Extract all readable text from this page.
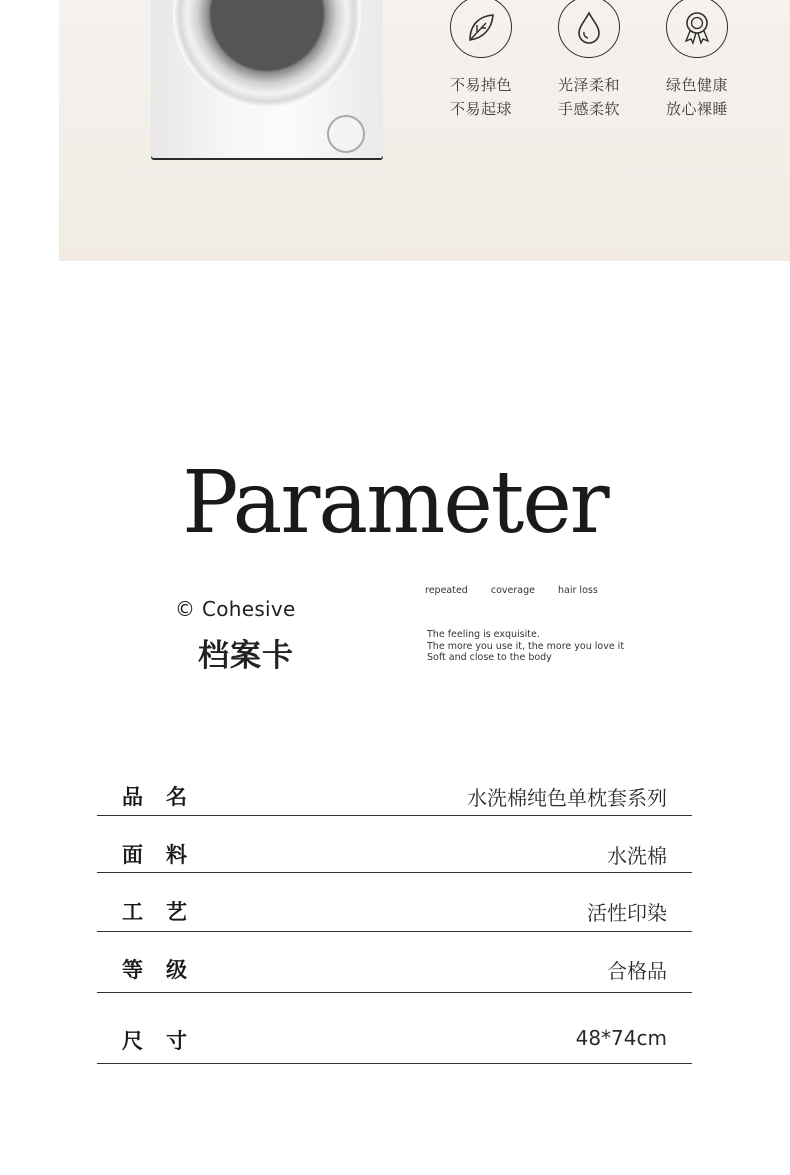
不易掉色
不易起球
光泽柔和
手感柔软
绿色健康
放心裸睡
Parameter
© Cohesive
档案卡
repeated coverage hair loss
The feeling is exquisite.
The more you use it, the more you love it
Soft and close to the body
品名	水洗棉纯色单枕套系列
面料	水洗棉
工艺	活性印染
等级	合格品
尺寸	48*74cm
